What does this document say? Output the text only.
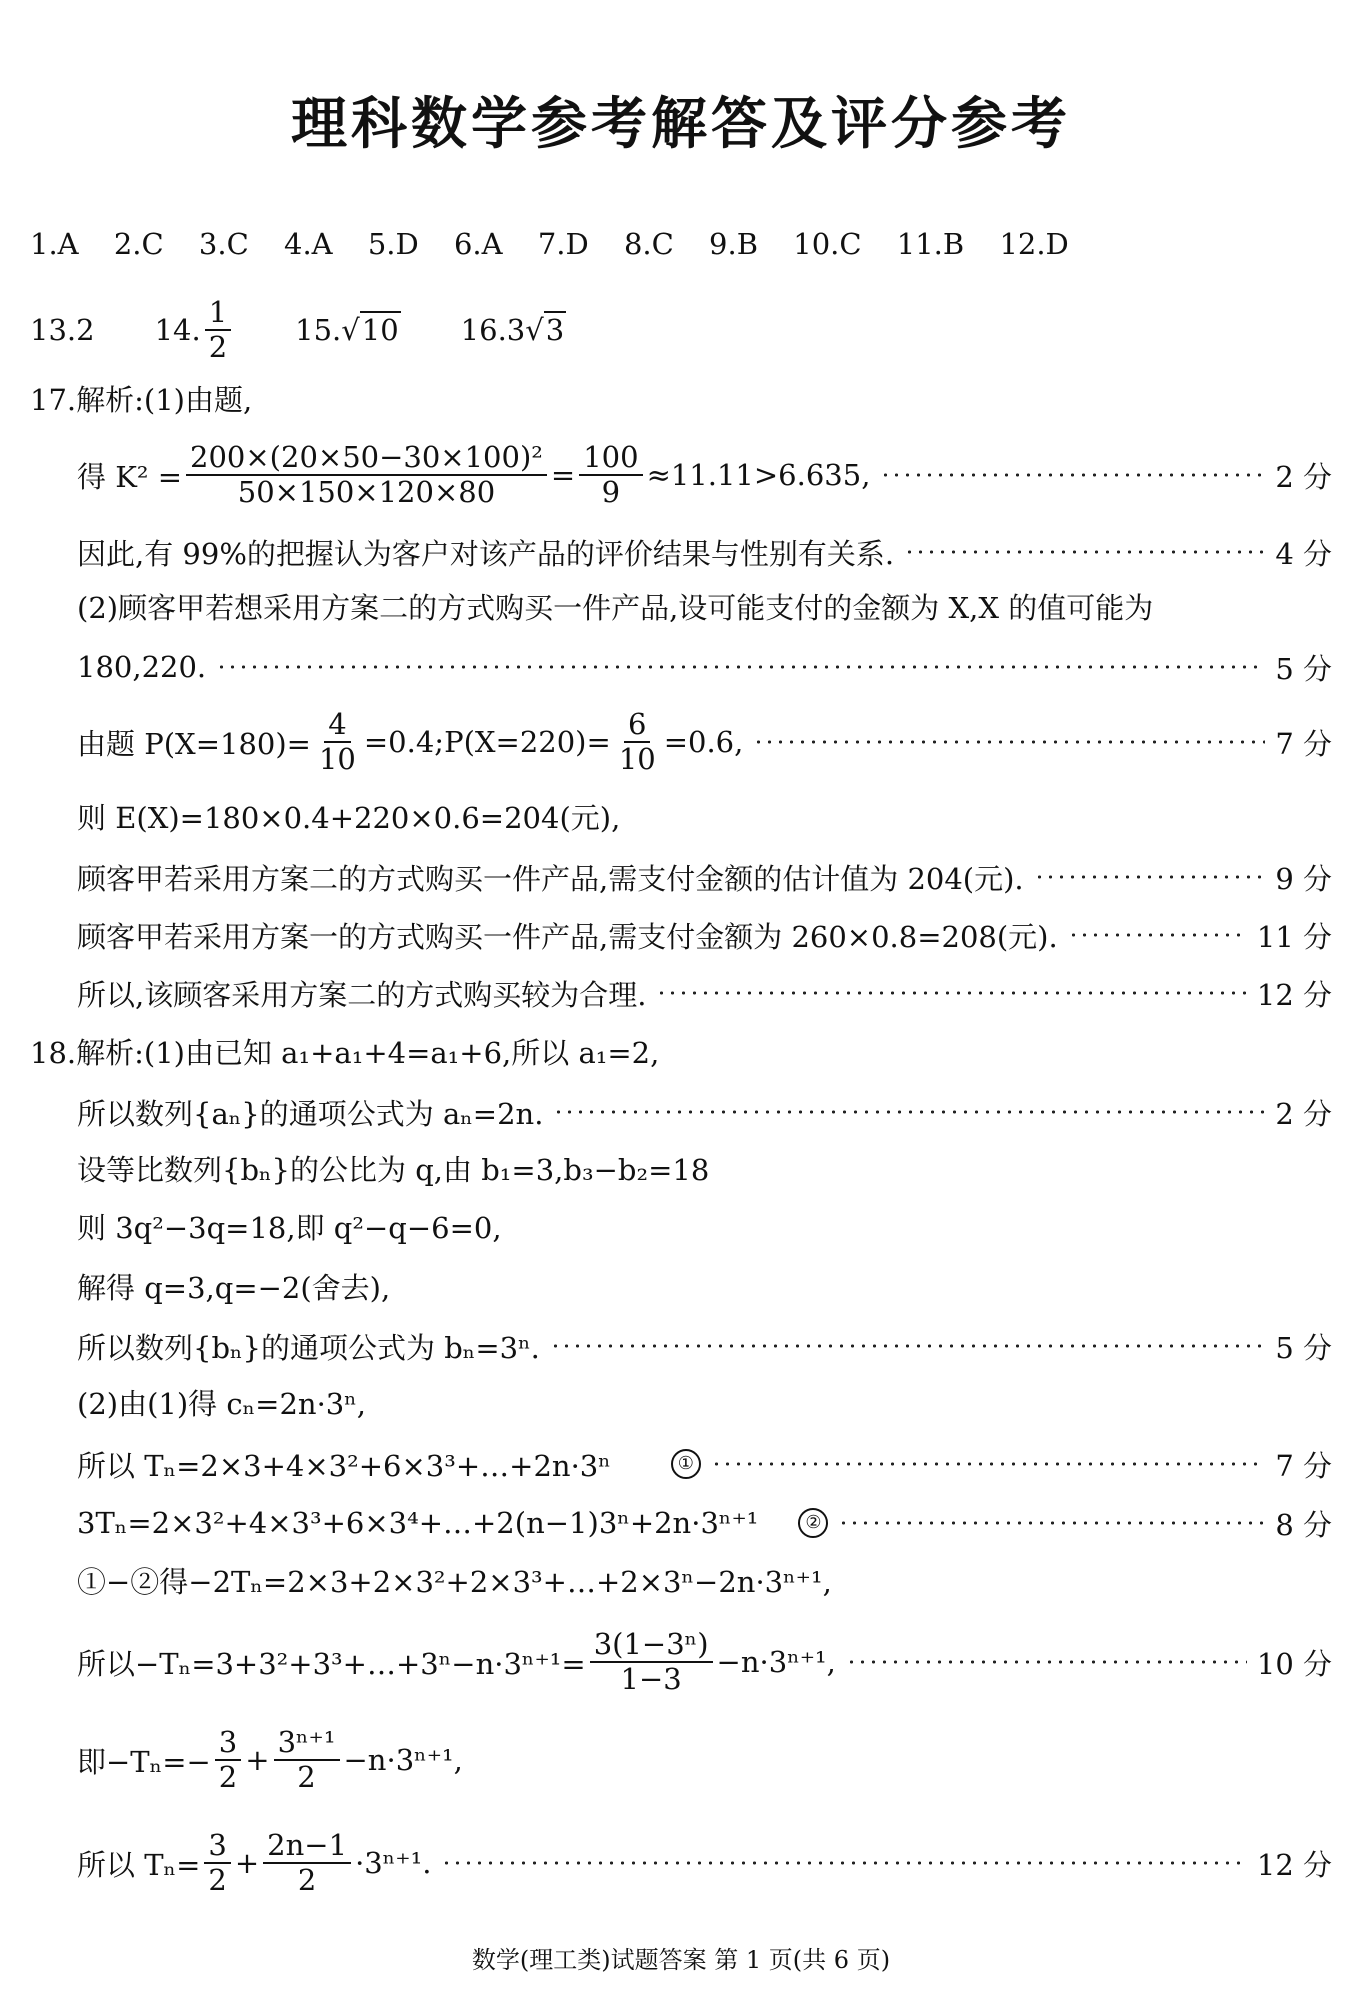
理科数学参考解答及评分参考
1.A 2.C 3.C 4.A 5.D 6.A 7.D 8.C 9.B 10.C 11.B 12.D
13.2 14. $\frac{1}{2} 15.√10$ 16.3√3
17.解析:(1)由题,
得 $K^2 = \frac{\text{200×(20×50−30×100)²}}{50\times 150\times 120\times 80} = \frac{100}{9} \approx 11.11>6.635$,	2 分
因此,有 99%的把握认为客户对该产品的评价结果与性别有关系.	4 分
(2)顾客甲若想采用方案二的方式购买一件产品,设可能支付的金额为 X,X 的值可能为
180,220.	5 分
由题 $P(X=180)= \frac{4}{10}$ =0.4;P(X=220)= $\frac{6}{10} =0.6$,	7 分
则 E(X)=180×0.4+220×0.6=204(元),
顾客甲若采用方案二的方式购买一件产品,需支付金额的估计值为 204(元).	9 分
顾客甲若采用方案一的方式购买一件产品,需支付金额为 260×0.8=208(元).	11 分
所以,该顾客采用方案二的方式购买较为合理.	12 分
18.解析:(1)由已知 a₁+a₁+4=a₁+6,所以 a₁=2,
所以数列{aₙ}的通项公式为 aₙ=2n.	2 分
设等比数列{bₙ}的公比为 q,由 b₁=3,b₃−b₂=18
则 3q²−3q=18,即 q²−q−6=0,
解得 q=3,q=−2(舍去),
所以数列{bₙ}的通项公式为 bₙ=3ⁿ.	5 分
(2)由(1)得 cₙ=2n·3ⁿ,
所以 Tₙ=2×3+4×3²+6×3³+…+2n·3ⁿ	①	7 分
3Tₙ=2×3²+4×3³+6×3⁴+…+2(n−1)3ⁿ+2n·3ⁿ⁺¹	②	8 分
①−②得−2Tₙ=2×3+2×3²+2×3³+…+2×3ⁿ−2n·3ⁿ⁺¹,
所以−Tₙ=3+3²+3³+…+3ⁿ−n·3ⁿ⁺¹= $\frac{\text{3(1−3ⁿ)}}{1-3} -n\cdot 3^{n+1}$,	10 分
即$-T_n=- \frac{3}{2} + \frac{\text{3ⁿ⁺¹}}{2} -n\cdot 3^{n+1}$,
所以 $T_n= \frac{3}{2} + \frac{2n-1}{2} \cdot 3^{n+1}$.	12 分
数学(理工类)试题答案 第 1 页(共 6 页)
